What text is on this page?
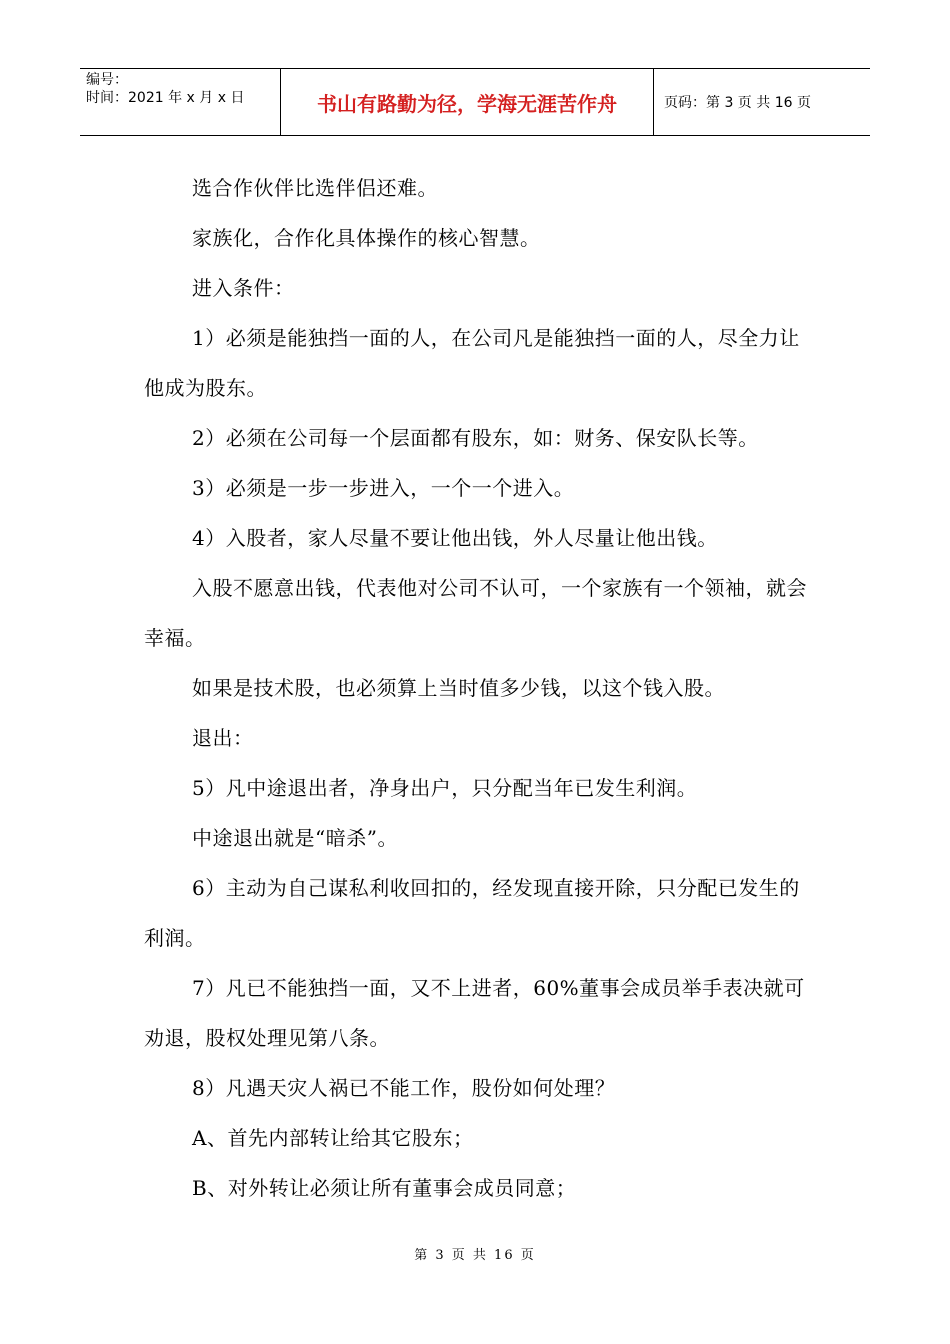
编号：
时间：2021 年 x 月 x 日	书山有路勤为径，学海无涯苦作舟	页码：第 3 页 共 16 页

选合作伙伴比选伴侣还难。

家族化，合作化具体操作的核心智慧。

进入条件：

1）必须是能独挡一面的人，在公司凡是能独挡一面的人，尽全力让他成为股东。

2）必须在公司每一个层面都有股东，如：财务、保安队长等。

3）必须是一步一步进入，一个一个进入。

4）入股者，家人尽量不要让他出钱，外人尽量让他出钱。

入股不愿意出钱，代表他对公司不认可，一个家族有一个领袖，就会幸福。

如果是技术股，也必须算上当时值多少钱，以这个钱入股。

退出：

5）凡中途退出者，净身出户，只分配当年已发生利润。

中途退出就是“暗杀”。

6）主动为自己谋私利收回扣的，经发现直接开除，只分配已发生的利润。

7）凡已不能独挡一面，又不上进者，60%董事会成员举手表决就可劝退，股权处理见第八条。

8）凡遇天灾人祸已不能工作，股份如何处理？

A、首先内部转让给其它股东；

B、对外转让必须让所有董事会成员同意；

第 3 页 共 16 页
